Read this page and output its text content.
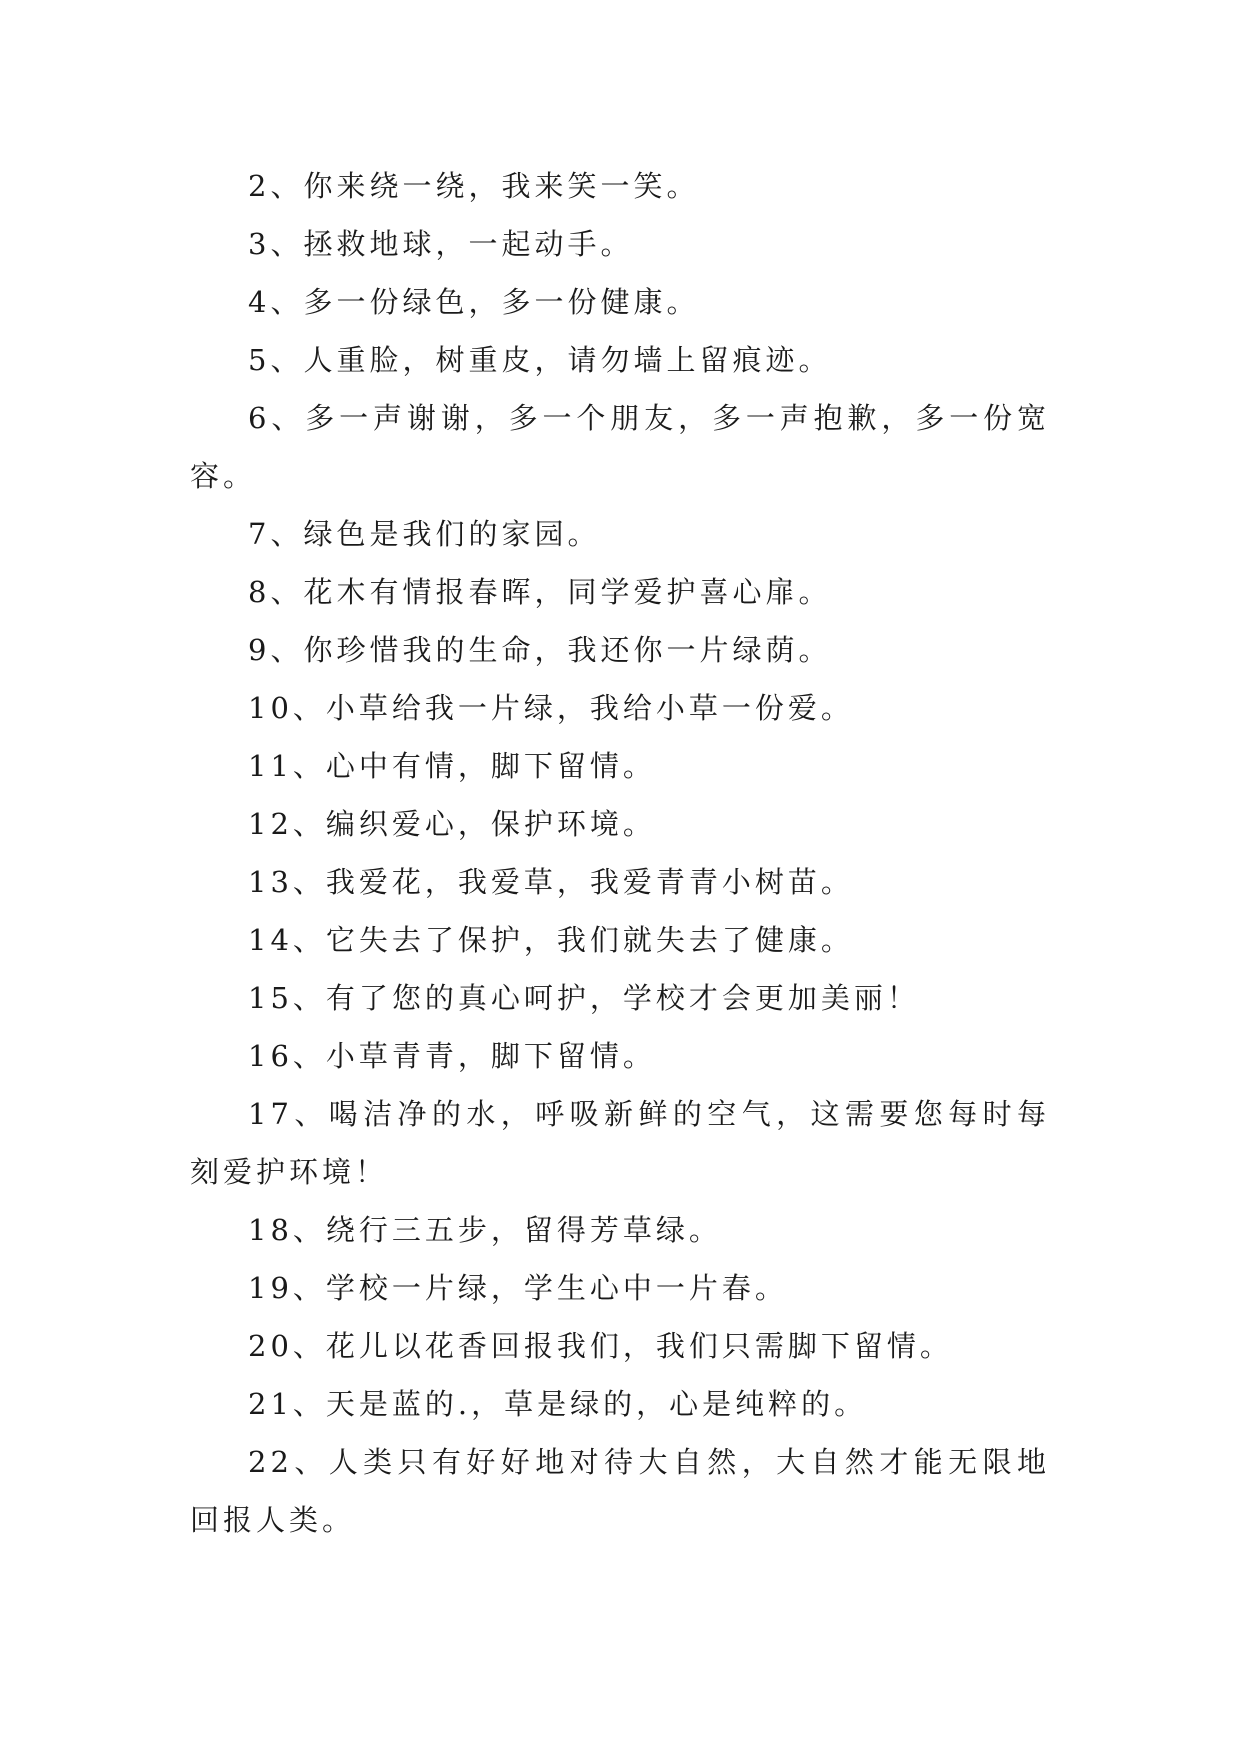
2、你来绕一绕，我来笑一笑。

3、拯救地球，一起动手。

4、多一份绿色，多一份健康。

5、人重脸，树重皮，请勿墙上留痕迹。

6、多一声谢谢，多一个朋友，多一声抱歉，多一份宽容。

7、绿色是我们的家园。

8、花木有情报春晖，同学爱护喜心扉。

9、你珍惜我的生命，我还你一片绿荫。

10、小草给我一片绿，我给小草一份爱。

11、心中有情，脚下留情。

12、编织爱心，保护环境。

13、我爱花，我爱草，我爱青青小树苗。

14、它失去了保护，我们就失去了健康。

15、有了您的真心呵护，学校才会更加美丽！

16、小草青青，脚下留情。

17、喝洁净的水，呼吸新鲜的空气，这需要您每时每刻爱护环境！

18、绕行三五步，留得芳草绿。

19、学校一片绿，学生心中一片春。

20、花儿以花香回报我们，我们只需脚下留情。

21、天是蓝的.，草是绿的，心是纯粹的。

22、人类只有好好地对待大自然，大自然才能无限地回报人类。
